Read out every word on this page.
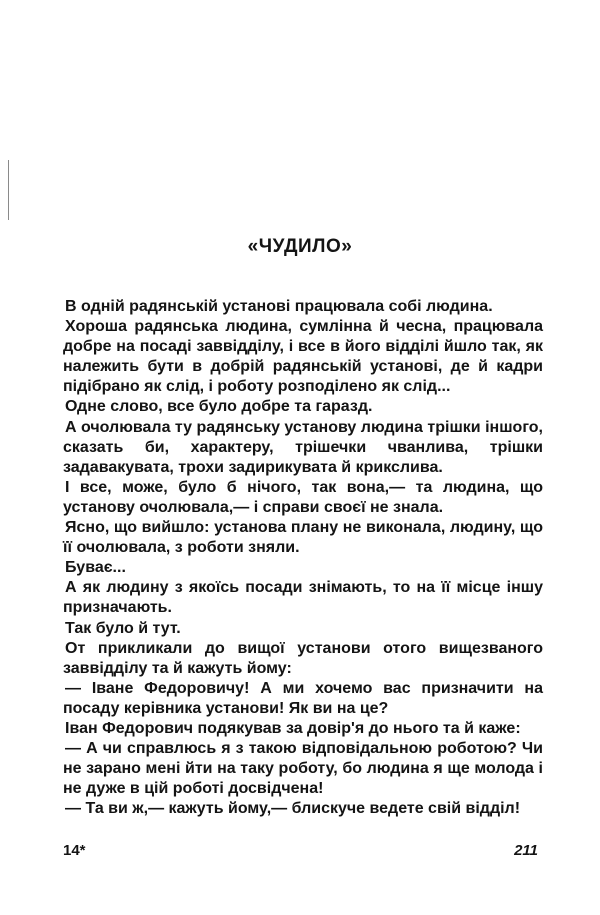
«ЧУДИЛО»

В одній радянській установі працювала собі людина.

Хороша радянська людина, сумлінна й чесна, працювала добре на посаді заввідділу, і все в його відділі йшло так, як належить бути в добрій радянській установі, де й кадри підібрано як слід, і роботу розподілено як слід...

Одне слово, все було добре та гаразд.

А очолювала ту радянську установу людина трішки іншого, сказать би, характеру, трішечки чванлива, трішки задавакувата, трохи задирикувата й крикслива.

І все, може, було б нічого, так вона,— та людина, що установу очолювала,— і справи своєї не знала.

Ясно, що вийшло: установа плану не виконала, людину, що її очолювала, з роботи зняли.

Буває...

А як людину з якоїсь посади знімають, то на її місце іншу призначають.

Так було й тут.

От прикликали до вищої установи отого вищезваного заввідділу та й кажуть йому:

— Іване Федоровичу! А ми хочемо вас призначити на посаду керівника установи! Як ви на це?

Іван Федорович подякував за довір'я до нього та й каже:

— А чи справлюсь я з такою відповідальною роботою? Чи не зарано мені йти на таку роботу, бо людина я ще молода і не дуже в цій роботі досвідчена!

— Та ви ж,— кажуть йому,— блискуче ведете свій відділ!

14*	211
